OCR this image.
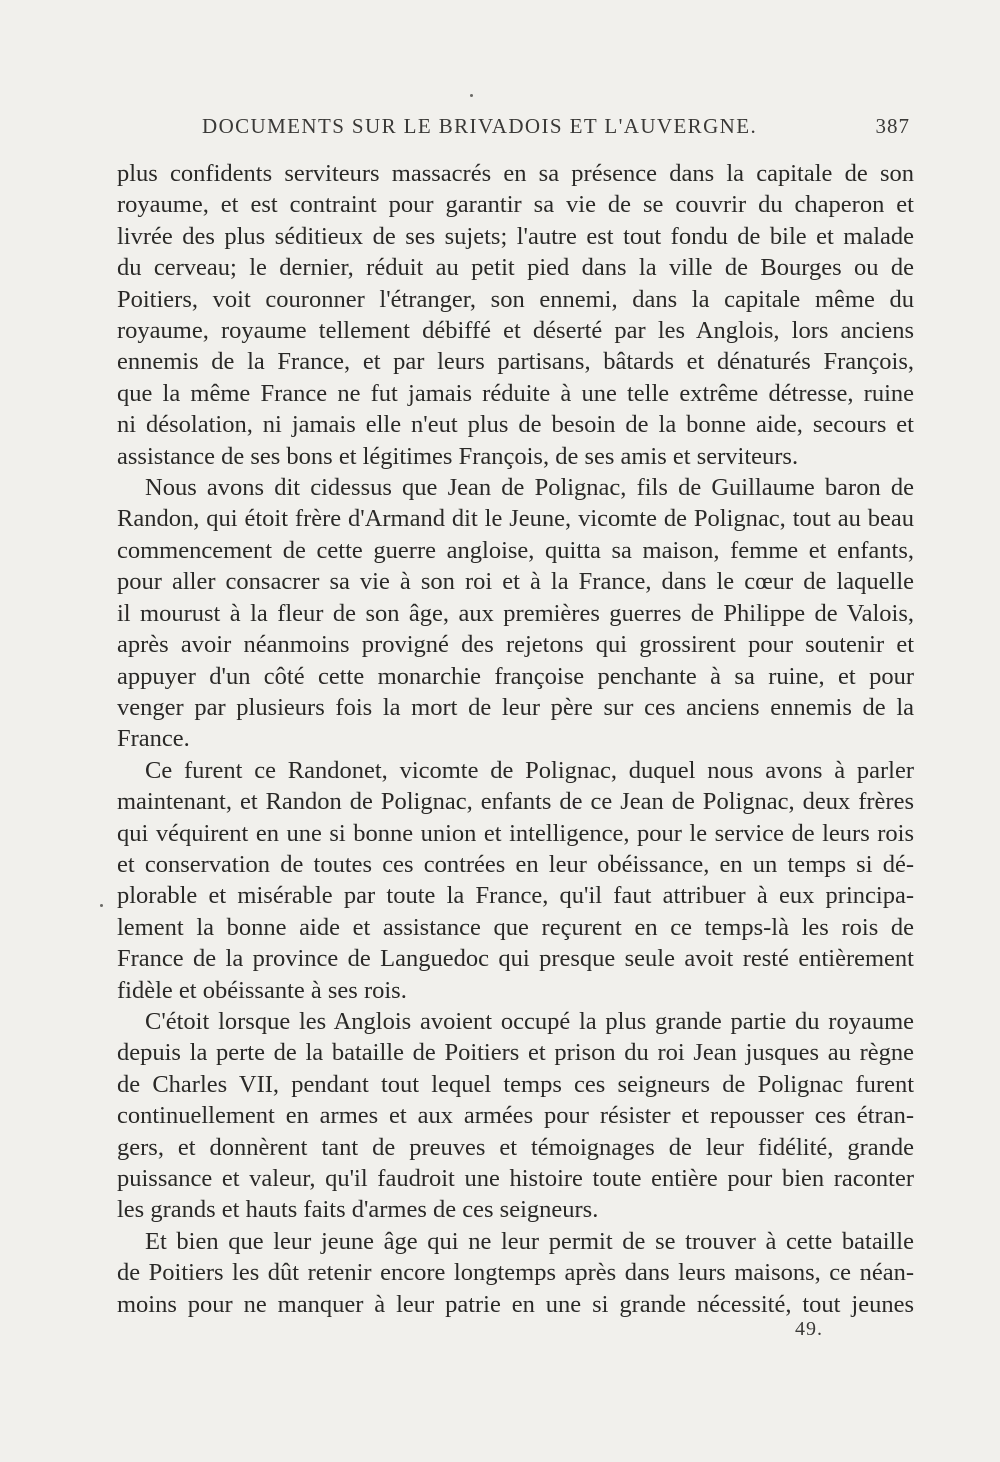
DOCUMENTS SUR LE BRIVADOIS ET L'AUVERGNE.	387
plus confidents serviteurs massacrés en sa présence dans la capitale de son
royaume, et est contraint pour garantir sa vie de se couvrir du chaperon et
livrée des plus séditieux de ses sujets; l'autre est tout fondu de bile et malade
du cerveau; le dernier, réduit au petit pied dans la ville de Bourges ou de
Poitiers, voit couronner l'étranger, son ennemi, dans la capitale même du
royaume, royaume tellement débiffé et déserté par les Anglois, lors anciens
ennemis de la France, et par leurs partisans, bâtards et dénaturés François,
que la même France ne fut jamais réduite à une telle extrême détresse, ruine
ni désolation, ni jamais elle n'eut plus de besoin de la bonne aide, secours et
assistance de ses bons et légitimes François, de ses amis et serviteurs.
Nous avons dit cidessus que Jean de Polignac, fils de Guillaume baron de
Randon, qui étoit frère d'Armand dit le Jeune, vicomte de Polignac, tout au beau
commencement de cette guerre angloise, quitta sa maison, femme et enfants,
pour aller consacrer sa vie à son roi et à la France, dans le cœur de laquelle
il mourust à la fleur de son âge, aux premières guerres de Philippe de Valois,
après avoir néanmoins provigné des rejetons qui grossirent pour soutenir et
appuyer d'un côté cette monarchie françoise penchante à sa ruine, et pour
venger par plusieurs fois la mort de leur père sur ces anciens ennemis de la
France.
Ce furent ce Randonet, vicomte de Polignac, duquel nous avons à parler
maintenant, et Randon de Polignac, enfants de ce Jean de Polignac, deux frères
qui véquirent en une si bonne union et intelligence, pour le service de leurs rois
et conservation de toutes ces contrées en leur obéissance, en un temps si dé-
plorable et misérable par toute la France, qu'il faut attribuer à eux principa-
lement la bonne aide et assistance que reçurent en ce temps-là les rois de
France de la province de Languedoc qui presque seule avoit resté entièrement
fidèle et obéissante à ses rois.
C'étoit lorsque les Anglois avoient occupé la plus grande partie du royaume
depuis la perte de la bataille de Poitiers et prison du roi Jean jusques au règne
de Charles VII, pendant tout lequel temps ces seigneurs de Polignac furent
continuellement en armes et aux armées pour résister et repousser ces étran-
gers, et donnèrent tant de preuves et témoignages de leur fidélité, grande
puissance et valeur, qu'il faudroit une histoire toute entière pour bien raconter
les grands et hauts faits d'armes de ces seigneurs.
Et bien que leur jeune âge qui ne leur permit de se trouver à cette bataille
de Poitiers les dût retenir encore longtemps après dans leurs maisons, ce néan-
moins pour ne manquer à leur patrie en une si grande nécessité, tout jeunes
49.
